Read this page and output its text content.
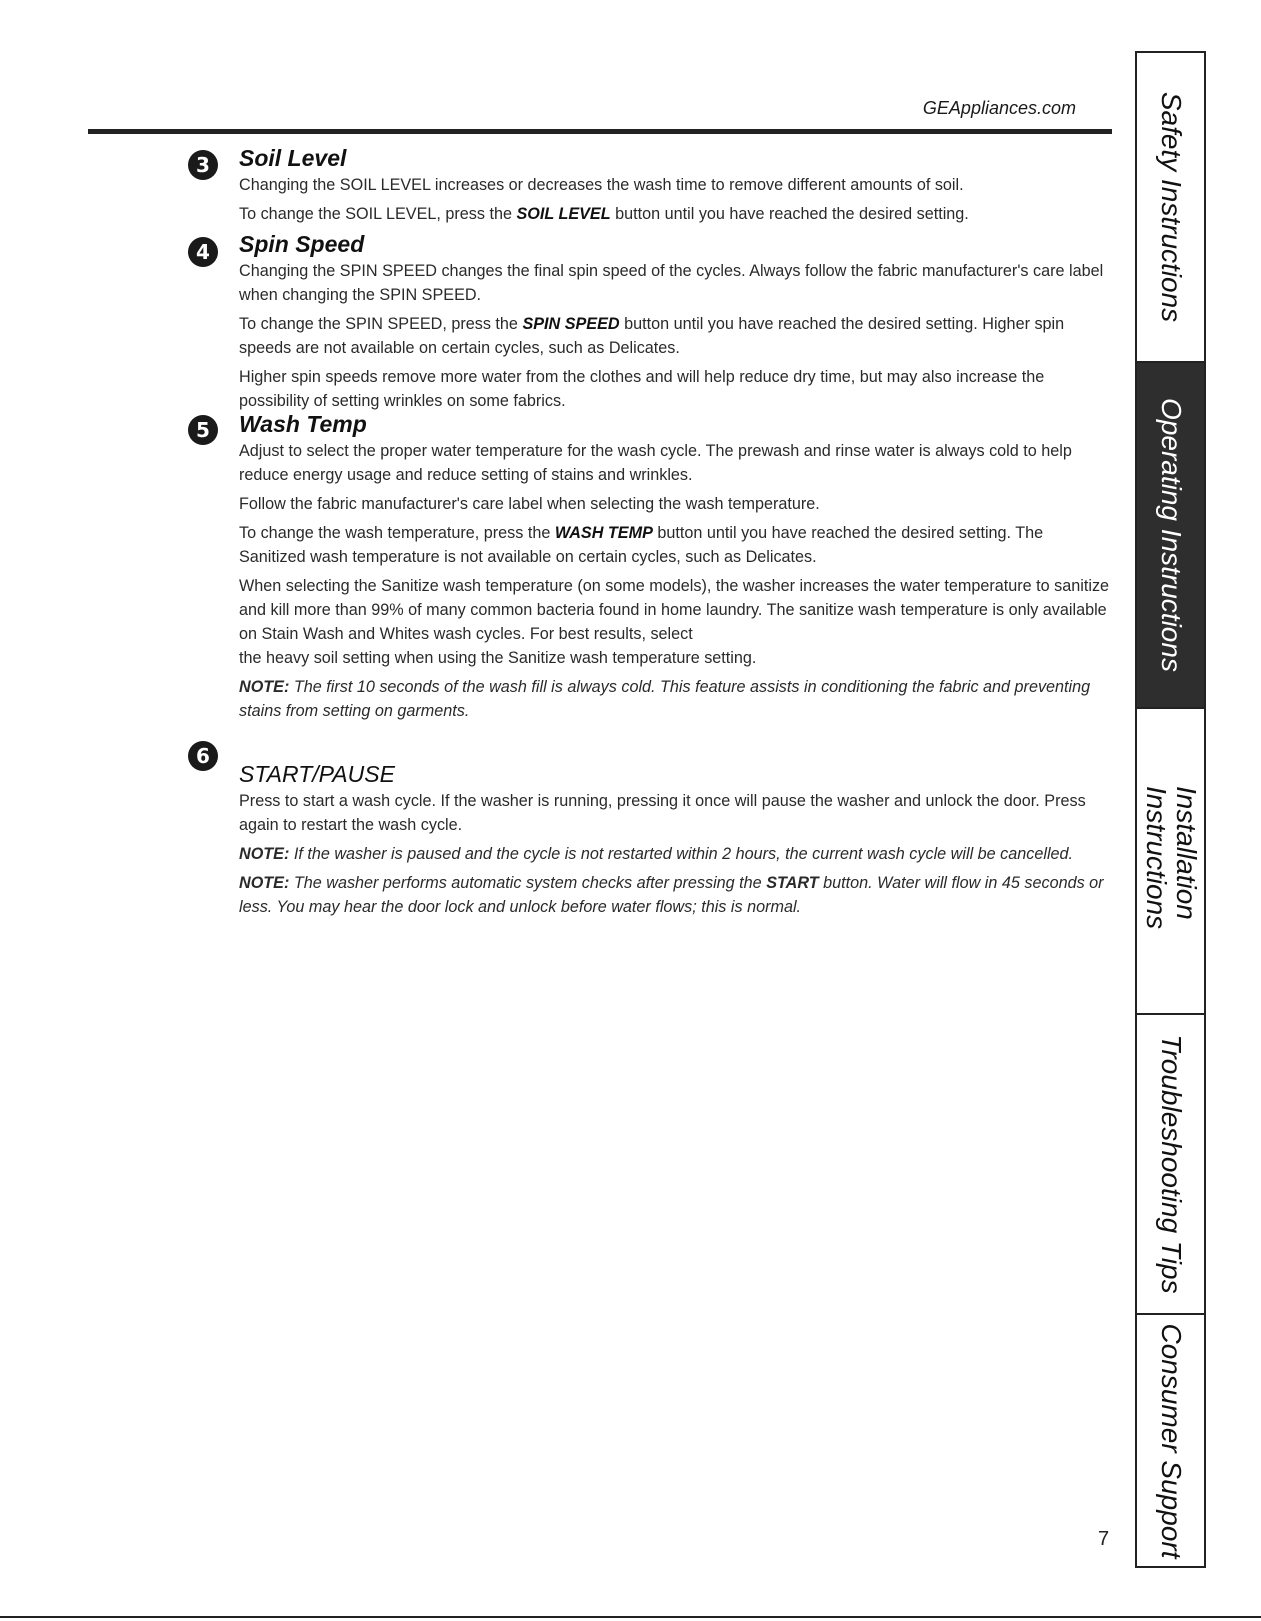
GEAppliances.com
3	Soil Level

Changing the SOIL LEVEL increases or decreases the wash time to remove different amounts of soil.

To change the SOIL LEVEL, press the SOIL LEVEL button until you have reached the desired setting.

4	Spin Speed

Changing the SPIN SPEED changes the final spin speed of the cycles. Always follow the fabric manufacturer's care label when changing the SPIN SPEED.

To change the SPIN SPEED, press the SPIN SPEED button until you have reached the desired setting. Higher spin speeds are not available on certain cycles, such as Delicates.

Higher spin speeds remove more water from the clothes and will help reduce dry time, but may also increase the possibility of setting wrinkles on some fabrics.

5	Wash Temp

Adjust to select the proper water temperature for the wash cycle. The prewash and rinse water is always cold to help reduce energy usage and reduce setting of stains and wrinkles.

Follow the fabric manufacturer's care label when selecting the wash temperature.

To change the wash temperature, press the WASH TEMP button until you have reached the desired setting. The Sanitized wash temperature is not available on certain cycles, such as Delicates.

When selecting the Sanitize wash temperature (on some models), the washer increases the water temperature to sanitize and kill more than 99% of many common bacteria found in home laundry. The sanitize wash temperature is only available on Stain Wash and Whites wash cycles. For best results, select

the heavy soil setting when using the Sanitize wash temperature setting.

NOTE: The first 10 seconds of the wash fill is always cold. This feature assists in conditioning the fabric and preventing stains from setting on garments.

6
START/PAUSE

Press to start a wash cycle. If the washer is running, pressing it once will pause the washer and unlock the door. Press again to restart the wash cycle.

NOTE: If the washer is paused and the cycle is not restarted within 2 hours, the current wash cycle will be cancelled.

NOTE: The washer performs automatic system checks after pressing the START button. Water will flow in 45 seconds or less. You may hear the door lock and unlock before water flows; this is normal.

Safety Instructions
Operating Instructions
Installation Instructions
Troubleshooting Tips
Consumer Support
7
